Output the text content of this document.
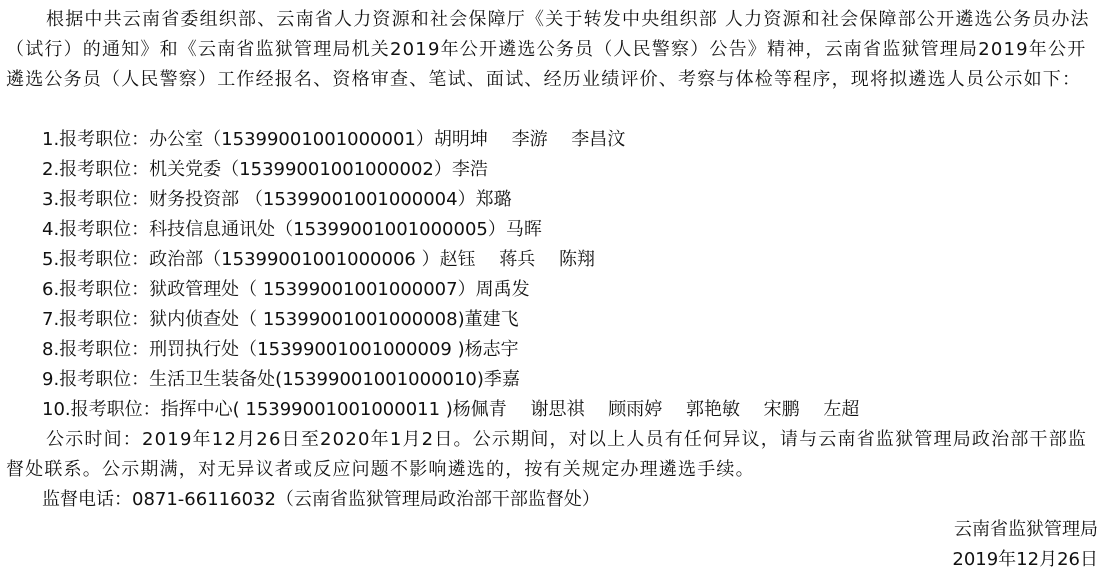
根据中共云南省委组织部、云南省人力资源和社会保障厅《关于转发中央组织部 人力资源和社会保障部公开遴选公务员办法（试行）的通知》和《云南省监狱管理局机关2019年公开遴选公务员（人民警察）公告》精神，云南省监狱管理局2019年公开遴选公务员（人民警察）工作经报名、资格审查、笔试、面试、经历业绩评价、考察与体检等程序，现将拟遴选人员公示如下：
1.报考职位：办公室（15399001001000001）胡明坤　 李游　 李昌汶
2.报考职位：机关党委（15399001001000002）李浩
3.报考职位：财务投资部 （15399001001000004）郑璐
4.报考职位：科技信息通讯处（15399001001000005）马晖
5.报考职位：政治部（15399001001000006 ）赵钰　 蒋兵　 陈翔
6.报考职位：狱政管理处（ 15399001001000007）周禹发
7.报考职位：狱内侦查处（ 15399001001000008)董建飞
8.报考职位：刑罚执行处（15399001001000009 )杨志宇
9.报考职位：生活卫生装备处(15399001001000010)季嘉
10.报考职位：指挥中心( 15399001001000011 )杨佩青　 谢思祺　 顾雨婷　 郭艳敏　 宋鹏　 左超
公示时间：2019年12月26日至2020年1月2日。公示期间，对以上人员有任何异议，请与云南省监狱管理局政治部干部监督处联系。公示期满，对无异议者或反应问题不影响遴选的，按有关规定办理遴选手续。
监督电话：0871-66116032（云南省监狱管理局政治部干部监督处）
云南省监狱管理局
2019年12月26日
